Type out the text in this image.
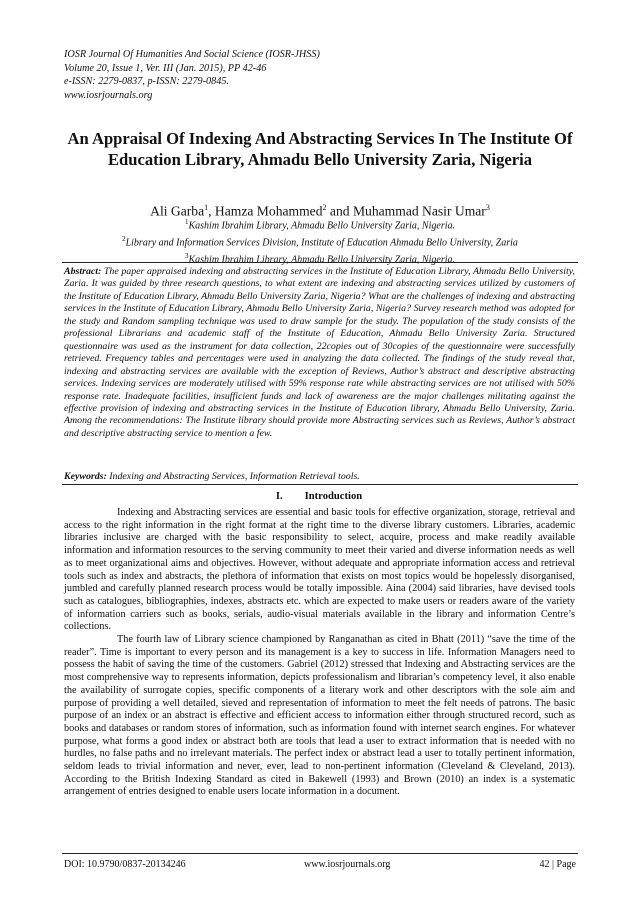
IOSR Journal Of Humanities And Social Science (IOSR-JHSS)
Volume 20, Issue 1, Ver. III (Jan. 2015), PP 42-46
e-ISSN: 2279-0837, p-ISSN: 2279-0845.
www.iosrjournals.org
An Appraisal Of Indexing And Abstracting Services In The Institute Of Education Library, Ahmadu Bello University Zaria, Nigeria
Ali Garba$^1$, Hamza Mohammed$^2$ and Muhammad Nasir Umar$^3$
$^1$Kashim Ibrahim Library, Ahmadu Bello University Zaria, Nigeria.
$^2$Library and Information Services Division, Institute of Education Ahmadu Bello University, Zaria
$^3$Kashim Ibrahim Library, Ahmadu Bello University Zaria, Nigeria.
Abstract: The paper appraised indexing and abstracting services in the Institute of Education Library, Ahmadu Bello University, Zaria. It was guided by three research questions, to what extent are indexing and abstracting services utilized by customers of the Institute of Education Library, Ahmadu Bello University Zaria, Nigeria? What are the challenges of indexing and abstracting services in the Institute of Education Library, Ahmadu Bello University Zaria, Nigeria? Survey research method was adopted for the study and Random sampling technique was used to draw sample for the study. The population of the study consists of the professional Librarians and academic staff of the Institute of Education, Ahmadu Bello University Zaria. Structured questionnaire was used as the instrument for data collection, 22copies out of 30copies of the questionnaire were successfully retrieved. Frequency tables and percentages were used in analyzing the data collected. The findings of the study reveal that, indexing and abstracting services are available with the exception of Reviews, Author’s abstract and descriptive abstracting services. Indexing services are moderately utilised with 59% response rate while abstracting services are not utilised with 50% response rate. Inadequate facilities, insufficient funds and lack of awareness are the major challenges militating against the effective provision of indexing and abstracting services in the Institute of Education library, Ahmadu Bello University, Zaria. Among the recommendations: The Institute library should provide more Abstracting services such as Reviews, Author’s abstract and descriptive abstracting service to mention a few.
Keywords: Indexing and Abstracting Services, Information Retrieval tools.
I. Introduction

Indexing and Abstracting services are essential and basic tools for effective organization, storage, retrieval and access to the right information in the right format at the right time to the diverse library customers. Libraries, academic libraries inclusive are charged with the basic responsibility to select, acquire, process and make readily available information and information resources to the serving community to meet their varied and diverse information needs as well as to meet organizational aims and objectives. However, without adequate and appropriate information access and retrieval tools such as index and abstracts, the plethora of information that exists on most topics would be hopelessly disorganised, jumbled and carefully planned research process would be totally impossible. Aina (2004) said libraries, have devised tools such as catalogues, bibliographies, indexes, abstracts etc. which are expected to make users or readers aware of the variety of information carriers such as books, serials, audio-visual materials available in the library and information Centre’s collections.

The fourth law of Library science championed by Ranganathan as cited in Bhatt (2011) “save the time of the reader”. Time is important to every person and its management is a key to success in life. Information Managers need to possess the habit of saving the time of the customers. Gabriel (2012) stressed that Indexing and Abstracting services are the most comprehensive way to represents information, depicts professionalism and librarian’s competency level, it also enable the availability of surrogate copies, specific components of a literary work and other descriptors with the sole aim and purpose of providing a well detailed, sieved and representation of information to meet the felt needs of patrons. The basic purpose of an index or an abstract is effective and efficient access to information either through structured record, such as books and databases or random stores of information, such as information found with internet search engines. For whatever purpose, what forms a good index or abstract both are tools that lead a user to extract information that is needed with no hurdles, no false paths and no irrelevant materials. The perfect index or abstract lead a user to totally pertinent information, seldom leads to trivial information and never, ever, lead to non-pertinent information (Cleveland & Cleveland, 2013). According to the British Indexing Standard as cited in Bakewell (1993) and Brown (2010) an index is a systematic arrangement of entries designed to enable users locate information in a document.

DOI: 10.9790/0837-20134246	www.iosrjournals.org	42 | Page
